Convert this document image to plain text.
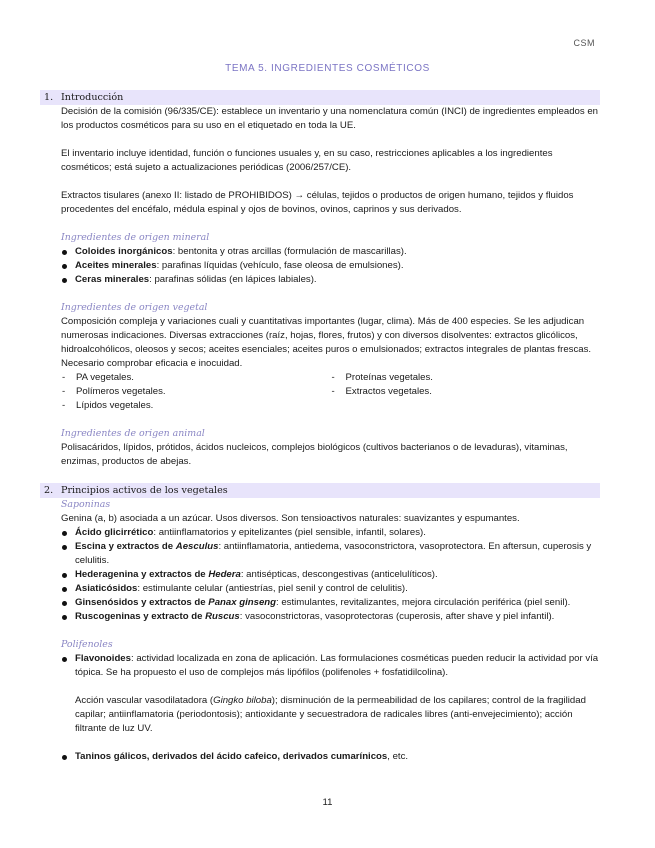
CSM
TEMA 5. INGREDIENTES COSMÉTICOS
1. Introducción

Decisión de la comisión (96/335/CE): establece un inventario y una nomenclatura común (INCI) de ingredientes empleados en los productos cosméticos para su uso en el etiquetado en toda la UE.

El inventario incluye identidad, función o funciones usuales y, en su caso, restricciones aplicables a los ingredientes cosméticos; está sujeto a actualizaciones periódicas (2006/257/CE).

Extractos tisulares (anexo II: listado de PROHIBIDOS) → células, tejidos o productos de origen humano, tejidos y fluidos procedentes del encéfalo, médula espinal y ojos de bovinos, ovinos, caprinos y sus derivados.

Ingredientes de origen mineral
Coloides inorgánicos: bentonita y otras arcillas (formulación de mascarillas).
Aceites minerales: parafinas líquidas (vehículo, fase oleosa de emulsiones).
Ceras minerales: parafinas sólidas (en lápices labiales).
Ingredientes de origen vegetal

Composición compleja y variaciones cuali y cuantitativas importantes (lugar, clima). Más de 400 especies. Se les adjudican numerosas indicaciones. Diversas extracciones (raíz, hojas, flores, frutos) y con diversos disolventes: extractos glicólicos, hidroalcohólicos, oleosos y secos; aceites esenciales; aceites puros o emulsionados; extractos integrales de plantas frescas. Necesario comprobar eficacia e inocuidad.

- PA vegetales.
- Polímeros vegetales.
- Lípidos vegetales.
- Proteínas vegetales.
- Extractos vegetales.
Ingredientes de origen animal

Polisacáridos, lípidos, prótidos, ácidos nucleicos, complejos biológicos (cultivos bacterianos o de levaduras), vitaminas, enzimas, productos de abejas.

2. Principios activos de los vegetales
Saponinas

Genina (a, b) asociada a un azúcar. Usos diversos. Son tensioactivos naturales: suavizantes y espumantes.

Ácido glicirrético: antiinflamatorios y epitelizantes (piel sensible, infantil, solares).
Escina y extractos de Aesculus: antiinflamatoria, antiedema, vasoconstrictora, vasoprotectora. En aftersun, cuperosis y celulitis.
Hederagenina y extractos de Hedera: antisépticas, descongestivas (anticelulíticos).
Asiaticósidos: estimulante celular (antiestrías, piel senil y control de celulitis).
Ginsenósidos y extractos de Panax ginseng: estimulantes, revitalizantes, mejora circulación periférica (piel senil).
Ruscogeninas y extracto de Ruscus: vasoconstrictoras, vasoprotectoras (cuperosis, after shave y piel infantil).
Polifenoles
Flavonoides: actividad localizada en zona de aplicación. Las formulaciones cosméticas pueden reducir la actividad por vía tópica. Se ha propuesto el uso de complejos más lipófilos (polifenoles + fosfatidilcolina).

Acción vascular vasodilatadora (Gingko biloba); disminución de la permeabilidad de los capilares; control de la fragilidad capilar; antiinflamatoria (periodontosis); antioxidante y secuestradora de radicales libres (anti-envejecimiento); acción filtrante de luz UV.

Taninos gálicos, derivados del ácido cafeico, derivados cumarínicos, etc.
11
